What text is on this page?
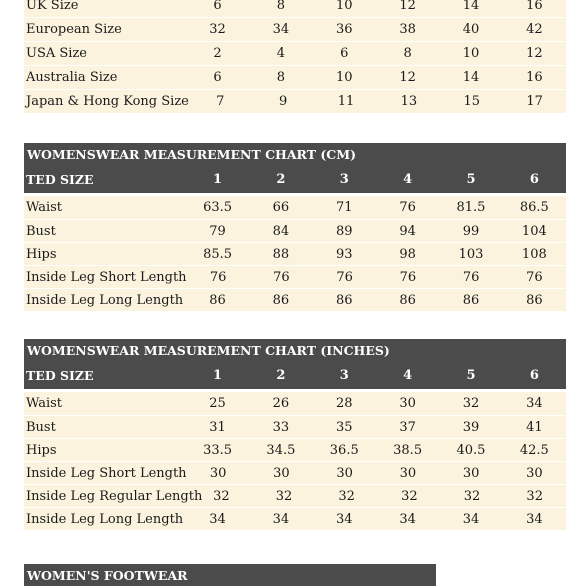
UK Size	6	8	10	12	14	16
European Size	32	34	36	38	40	42
USA Size	2	4	6	8	10	12
Australia Size	6	8	10	12	14	16
Japan & Hong Kong Size	7	9	11	13	15	17
WOMENSWEAR MEASUREMENT CHART (CM)
TED SIZE	1	2	3	4	5	6
Waist	63.5	66	71	76	81.5	86.5
Bust	79	84	89	94	99	104
Hips	85.5	88	93	98	103	108
Inside Leg Short Length	76	76	76	76	76	76
Inside Leg Long Length	86	86	86	86	86	86
WOMENSWEAR MEASUREMENT CHART (INCHES)
TED SIZE	1	2	3	4	5	6
Waist	25	26	28	30	32	34
Bust	31	33	35	37	39	41
Hips	33.5	34.5	36.5	38.5	40.5	42.5
Inside Leg Short Length	30	30	30	30	30	30
Inside Leg Regular Length 32	32	32	32	32	32
Inside Leg Long Length	34	34	34	34	34	34
WOMEN'S FOOTWEAR
